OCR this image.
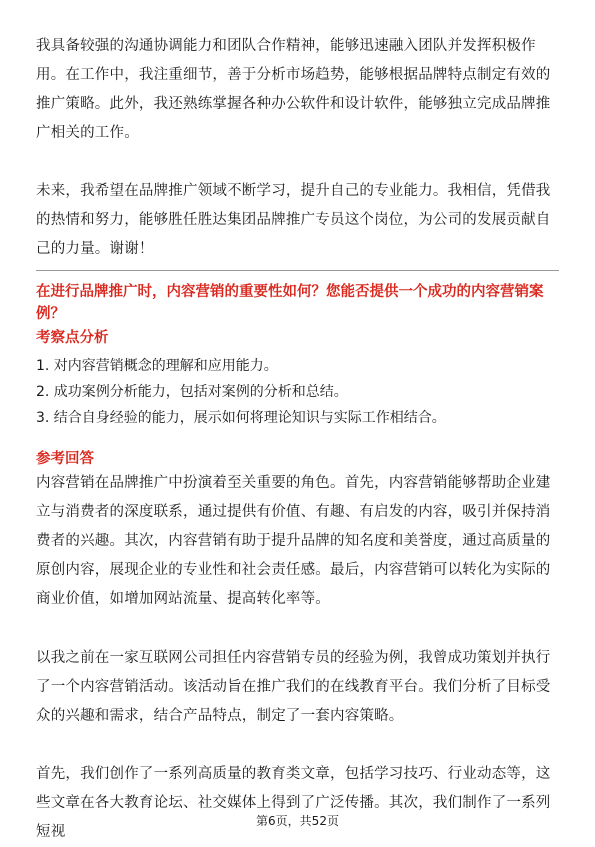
我具备较强的沟通协调能力和团队合作精神，能够迅速融入团队并发挥积极作用。在工作中，我注重细节，善于分析市场趋势，能够根据品牌特点制定有效的推广策略。此外，我还熟练掌握各种办公软件和设计软件，能够独立完成品牌推广相关的工作。

未来，我希望在品牌推广领域不断学习，提升自己的专业能力。我相信，凭借我的热情和努力，能够胜任胜达集团品牌推广专员这个岗位，为公司的发展贡献自己的力量。谢谢！

在进行品牌推广时，内容营销的重要性如何？您能否提供一个成功的内容营销案例？

考察点分析

1. 对内容营销概念的理解和应用能力。
2. 成功案例分析能力，包括对案例的分析和总结。
3. 结合自身经验的能力，展示如何将理论知识与实际工作相结合。

参考回答

内容营销在品牌推广中扮演着至关重要的角色。首先，内容营销能够帮助企业建立与消费者的深度联系，通过提供有价值、有趣、有启发的内容，吸引并保持消费者的兴趣。其次，内容营销有助于提升品牌的知名度和美誉度，通过高质量的原创内容，展现企业的专业性和社会责任感。最后，内容营销可以转化为实际的商业价值，如增加网站流量、提高转化率等。

以我之前在一家互联网公司担任内容营销专员的经验为例，我曾成功策划并执行了一个内容营销活动。该活动旨在推广我们的在线教育平台。我们分析了目标受众的兴趣和需求，结合产品特点，制定了一套内容策略。

首先，我们创作了一系列高质量的教育类文章，包括学习技巧、行业动态等，这些文章在各大教育论坛、社交媒体上得到了广泛传播。其次，我们制作了一系列短视

第6页，共52页
